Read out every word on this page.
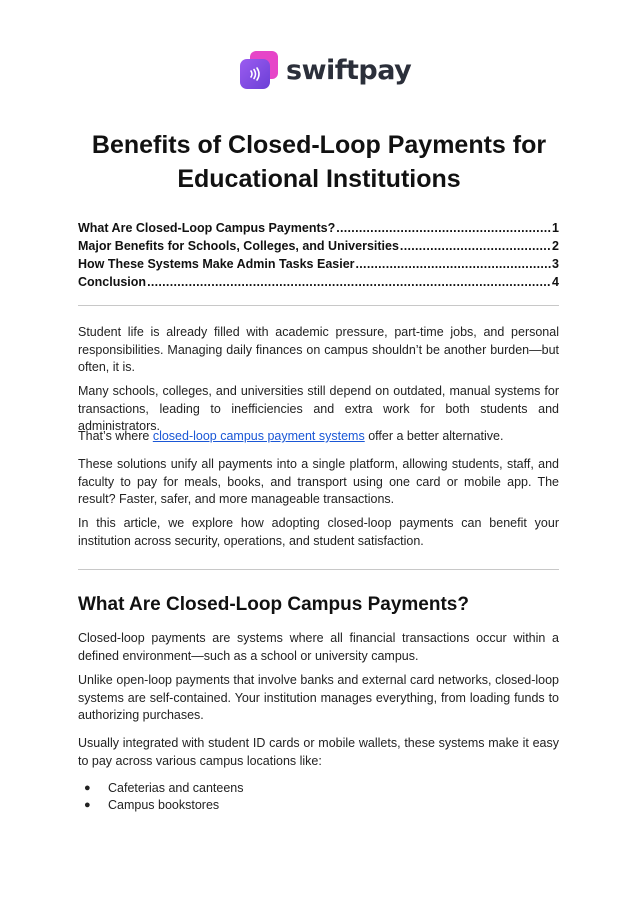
swiftpay
Benefits of Closed-Loop Payments for Educational Institutions
What Are Closed-Loop Campus Payments? .....	1
Major Benefits for Schools, Colleges, and Universities .....	2
How These Systems Make Admin Tasks Easier .....	3
Conclusion .....	4

Student life is already filled with academic pressure, part-time jobs, and personal responsibilities. Managing daily finances on campus shouldn’t be another burden—but often, it is.

Many schools, colleges, and universities still depend on outdated, manual systems for transactions, leading to inefficiencies and extra work for both students and administrators.

That’s where closed-loop campus payment systems offer a better alternative.

These solutions unify all payments into a single platform, allowing students, staff, and faculty to pay for meals, books, and transport using one card or mobile app. The result? Faster, safer, and more manageable transactions.

In this article, we explore how adopting closed-loop payments can benefit your institution across security, operations, and student satisfaction.

What Are Closed-Loop Campus Payments?

Closed-loop payments are systems where all financial transactions occur within a defined environment—such as a school or university campus.

Unlike open-loop payments that involve banks and external card networks, closed-loop systems are self-contained. Your institution manages everything, from loading funds to authorizing purchases.

Usually integrated with student ID cards or mobile wallets, these systems make it easy to pay across various campus locations like:

●	Cafeterias and canteens
●	Campus bookstores
